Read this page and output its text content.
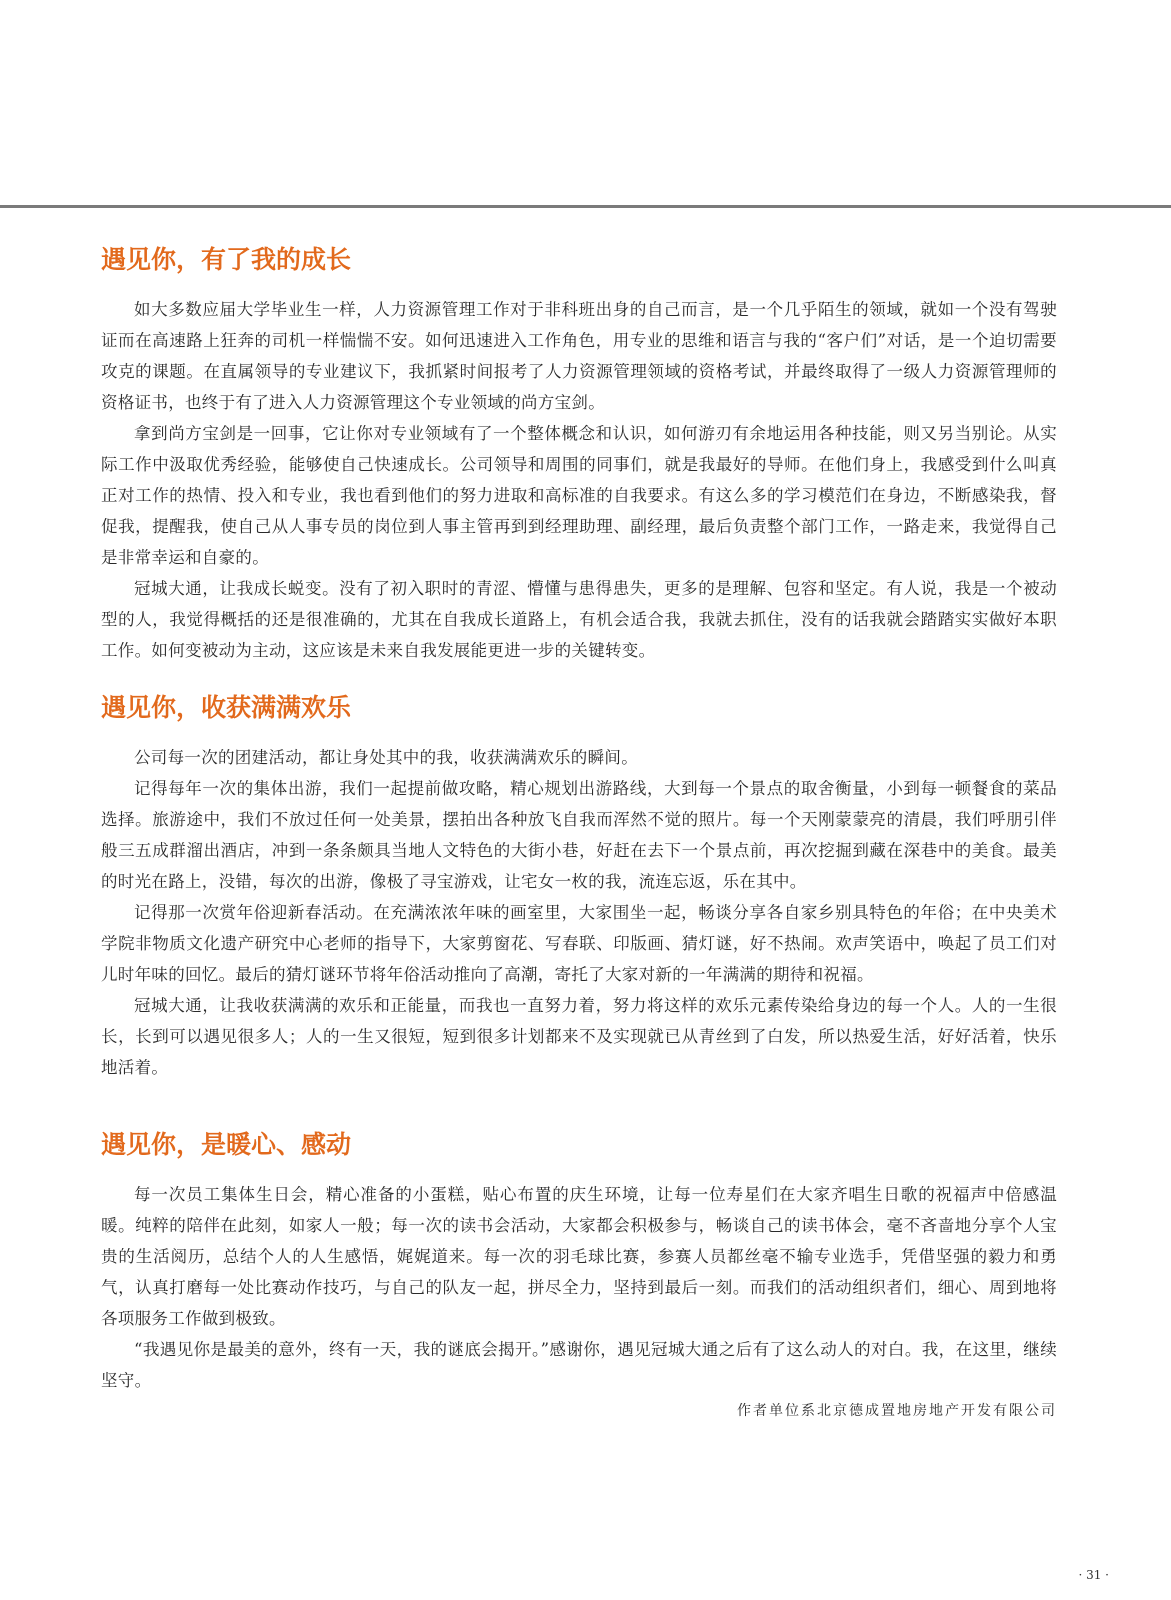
遇见你，有了我的成长

如大多数应届大学毕业生一样，人力资源管理工作对于非科班出身的自己而言，是一个几乎陌生的领域，就如一个没有驾驶证而在高速路上狂奔的司机一样惴惴不安。如何迅速进入工作角色，用专业的思维和语言与我的“客户们”对话，是一个迫切需要攻克的课题。在直属领导的专业建议下，我抓紧时间报考了人力资源管理领域的资格考试，并最终取得了一级人力资源管理师的资格证书，也终于有了进入人力资源管理这个专业领域的尚方宝剑。

拿到尚方宝剑是一回事，它让你对专业领域有了一个整体概念和认识，如何游刃有余地运用各种技能，则又另当别论。从实际工作中汲取优秀经验，能够使自己快速成长。公司领导和周围的同事们，就是我最好的导师。在他们身上，我感受到什么叫真正对工作的热情、投入和专业，我也看到他们的努力进取和高标准的自我要求。有这么多的学习模范们在身边，不断感染我，督促我，提醒我，使自己从人事专员的岗位到人事主管再到到经理助理、副经理，最后负责整个部门工作，一路走来，我觉得自己是非常幸运和自豪的。

冠城大通，让我成长蜕变。没有了初入职时的青涩、懵懂与患得患失，更多的是理解、包容和坚定。有人说，我是一个被动型的人，我觉得概括的还是很准确的，尤其在自我成长道路上，有机会适合我，我就去抓住，没有的话我就会踏踏实实做好本职工作。如何变被动为主动，这应该是未来自我发展能更进一步的关键转变。

遇见你，收获满满欢乐

公司每一次的团建活动，都让身处其中的我，收获满满欢乐的瞬间。

记得每年一次的集体出游，我们一起提前做攻略，精心规划出游路线，大到每一个景点的取舍衡量，小到每一顿餐食的菜品选择。旅游途中，我们不放过任何一处美景，摆拍出各种放飞自我而浑然不觉的照片。每一个天刚蒙蒙亮的清晨，我们呼朋引伴般三五成群溜出酒店，冲到一条条颇具当地人文特色的大街小巷，好赶在去下一个景点前，再次挖掘到藏在深巷中的美食。最美的时光在路上，没错，每次的出游，像极了寻宝游戏，让宅女一枚的我，流连忘返，乐在其中。

记得那一次赏年俗迎新春活动。在充满浓浓年味的画室里，大家围坐一起，畅谈分享各自家乡别具特色的年俗；在中央美术学院非物质文化遗产研究中心老师的指导下，大家剪窗花、写春联、印版画、猜灯谜，好不热闹。欢声笑语中，唤起了员工们对儿时年味的回忆。最后的猜灯谜环节将年俗活动推向了高潮，寄托了大家对新的一年满满的期待和祝福。

冠城大通，让我收获满满的欢乐和正能量，而我也一直努力着，努力将这样的欢乐元素传染给身边的每一个人。人的一生很长，长到可以遇见很多人；人的一生又很短，短到很多计划都来不及实现就已从青丝到了白发，所以热爱生活，好好活着，快乐地活着。

遇见你，是暖心、感动

每一次员工集体生日会，精心准备的小蛋糕，贴心布置的庆生环境，让每一位寿星们在大家齐唱生日歌的祝福声中倍感温暖。纯粹的陪伴在此刻，如家人一般；每一次的读书会活动，大家都会积极参与，畅谈自己的读书体会，毫不吝啬地分享个人宝贵的生活阅历，总结个人的人生感悟，娓娓道来。每一次的羽毛球比赛，参赛人员都丝毫不输专业选手，凭借坚强的毅力和勇气，认真打磨每一处比赛动作技巧，与自己的队友一起，拼尽全力，坚持到最后一刻。而我们的活动组织者们，细心、周到地将各项服务工作做到极致。

“我遇见你是最美的意外，终有一天，我的谜底会揭开。”感谢你，遇见冠城大通之后有了这么动人的对白。我，在这里，继续坚守。

作者单位系北京德成置地房地产开发有限公司
· 31 ·
